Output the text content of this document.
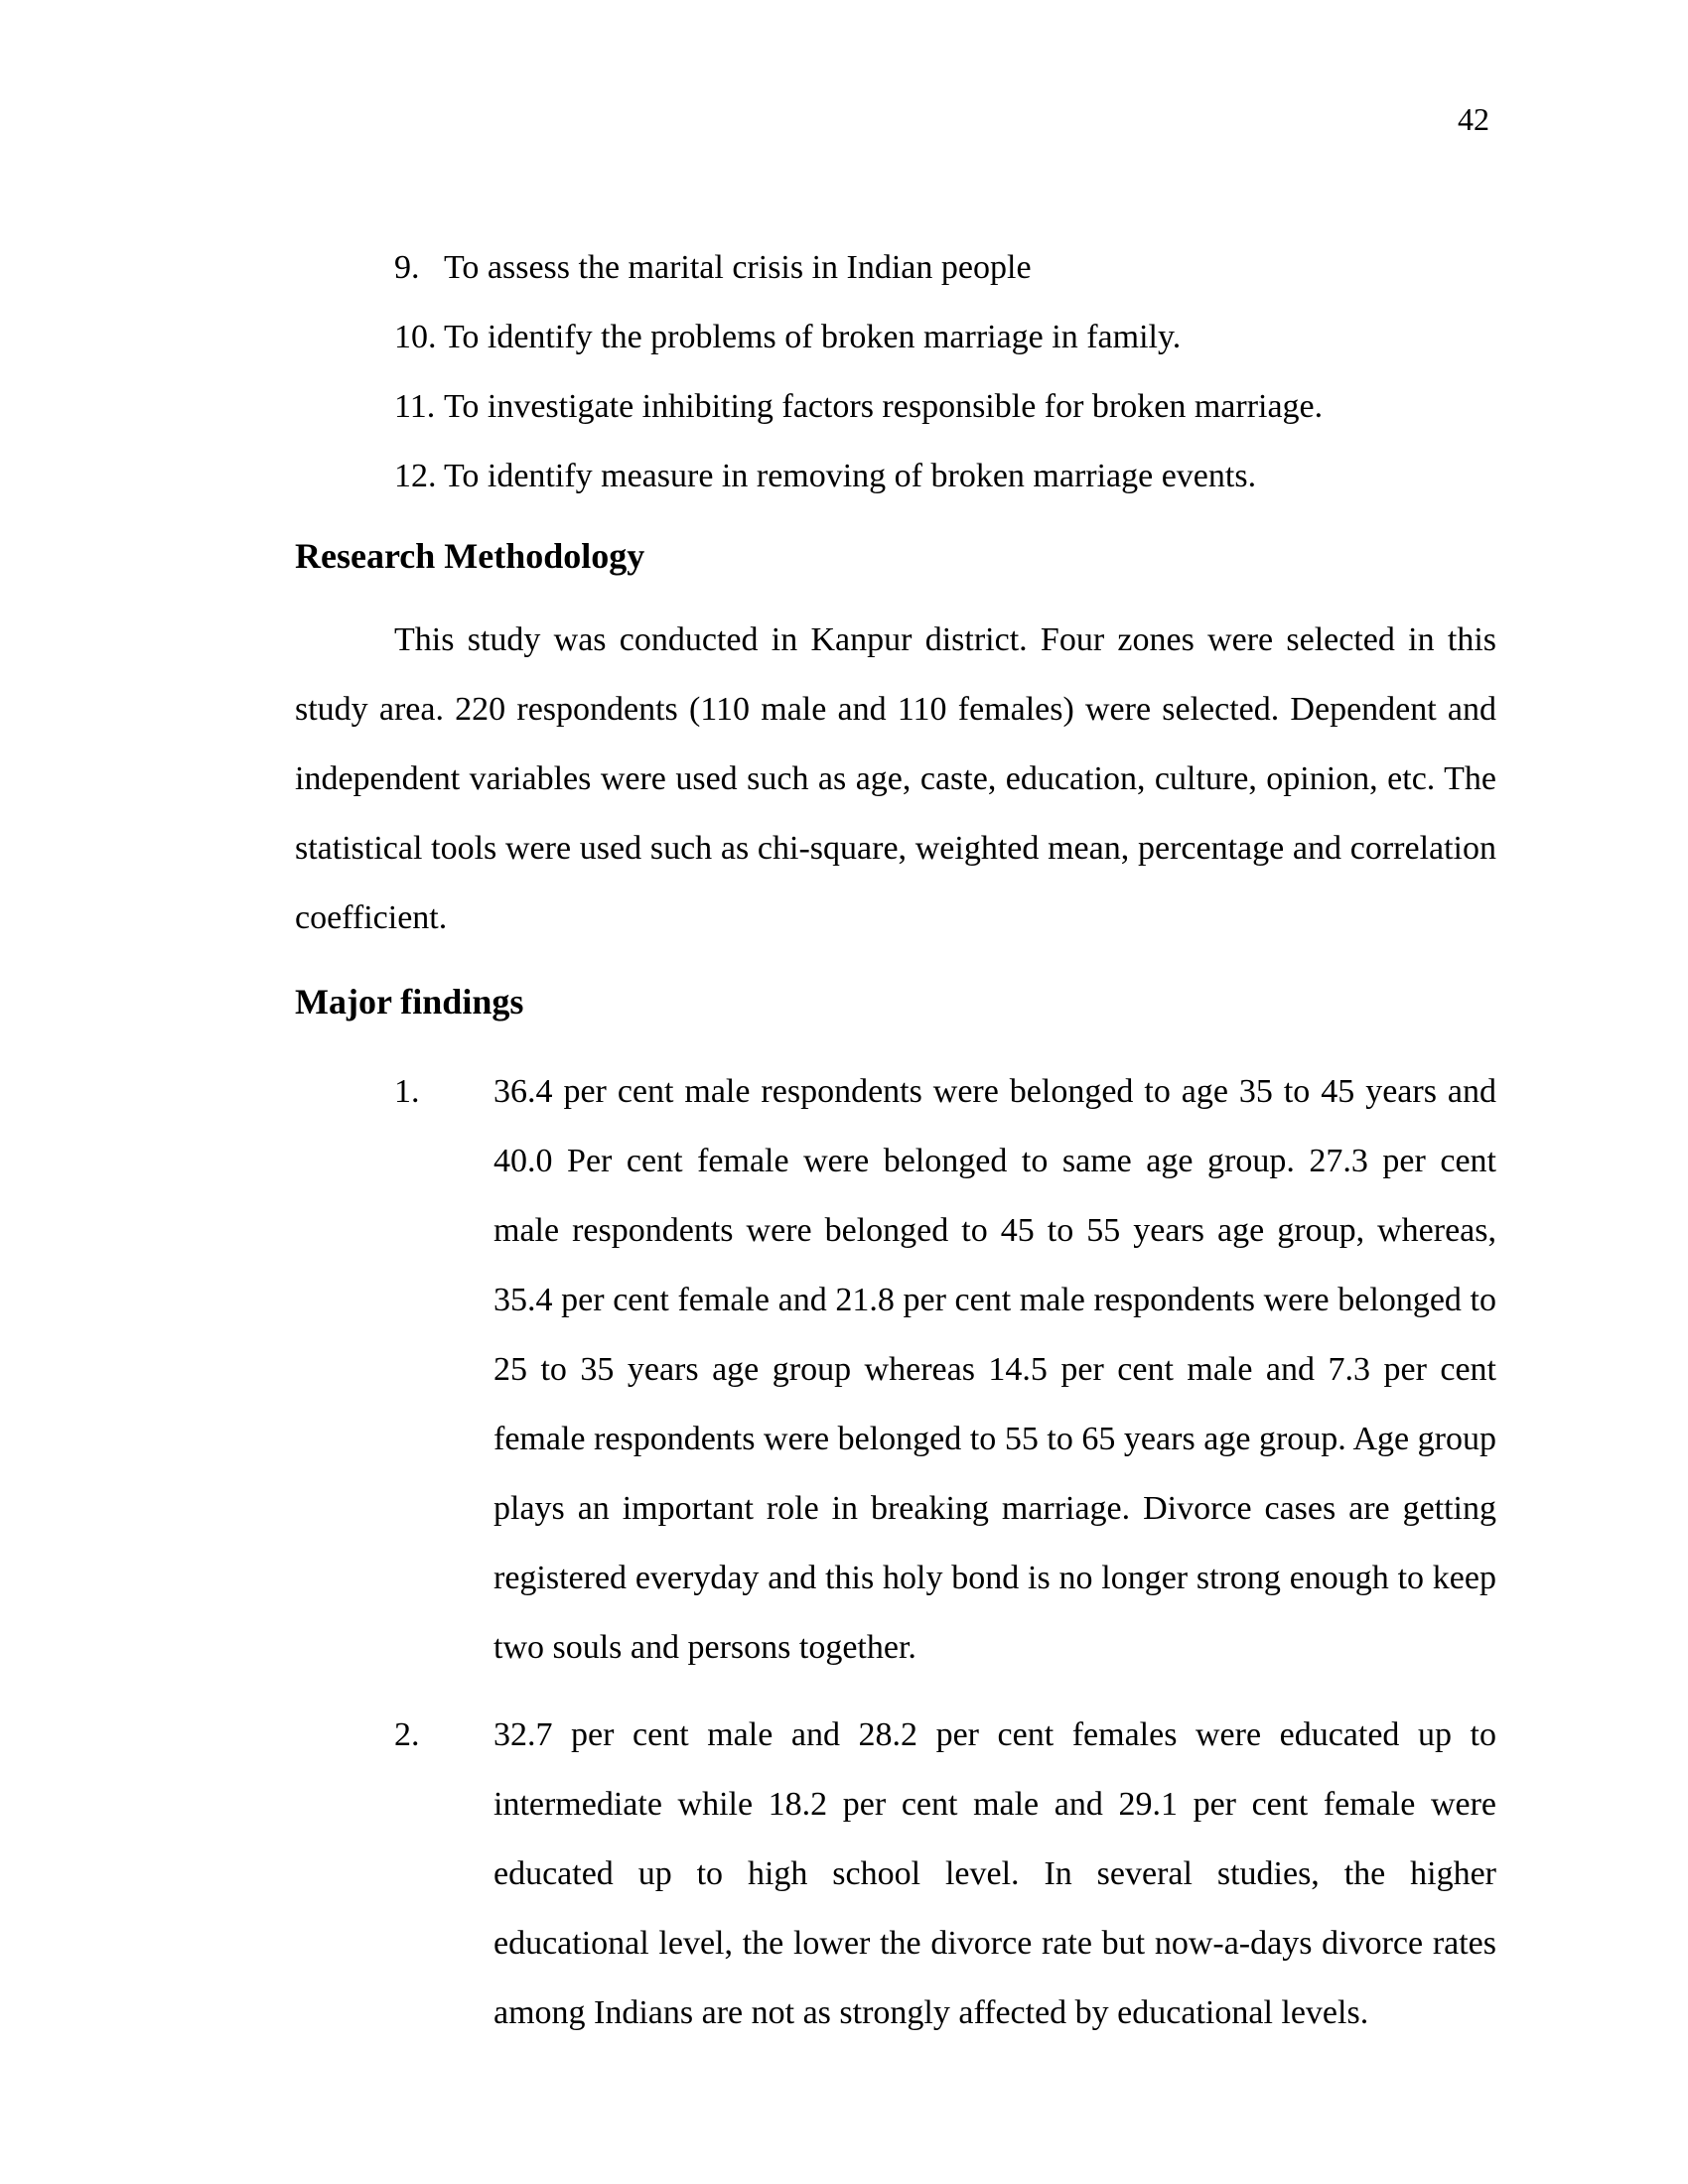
42
9. To assess the marital crisis in Indian people
10. To identify the problems of broken marriage in family.
11. To investigate inhibiting factors responsible for broken marriage.
12. To identify measure in removing of broken marriage events.
Research Methodology

This study was conducted in Kanpur district. Four zones were selected in this study area. 220 respondents (110 male and 110 females) were selected. Dependent and independent variables were used such as age, caste, education, culture, opinion, etc. The statistical tools were used such as chi-square, weighted mean, percentage and correlation coefficient.

Major findings
1. 36.4 per cent male respondents were belonged to age 35 to 45 years and 40.0 Per cent female were belonged to same age group. 27.3 per cent male respondents were belonged to 45 to 55 years age group, whereas, 35.4 per cent female and 21.8 per cent male respondents were belonged to 25 to 35 years age group whereas 14.5 per cent male and 7.3 per cent female respondents were belonged to 55 to 65 years age group. Age group plays an important role in breaking marriage. Divorce cases are getting registered everyday and this holy bond is no longer strong enough to keep two souls and persons together.

2. 32.7 per cent male and 28.2 per cent females were educated up to intermediate while 18.2 per cent male and 29.1 per cent female were educated up to high school level. In several studies, the higher educational level, the lower the divorce rate but now-a-days divorce rates among Indians are not as strongly affected by educational levels.
